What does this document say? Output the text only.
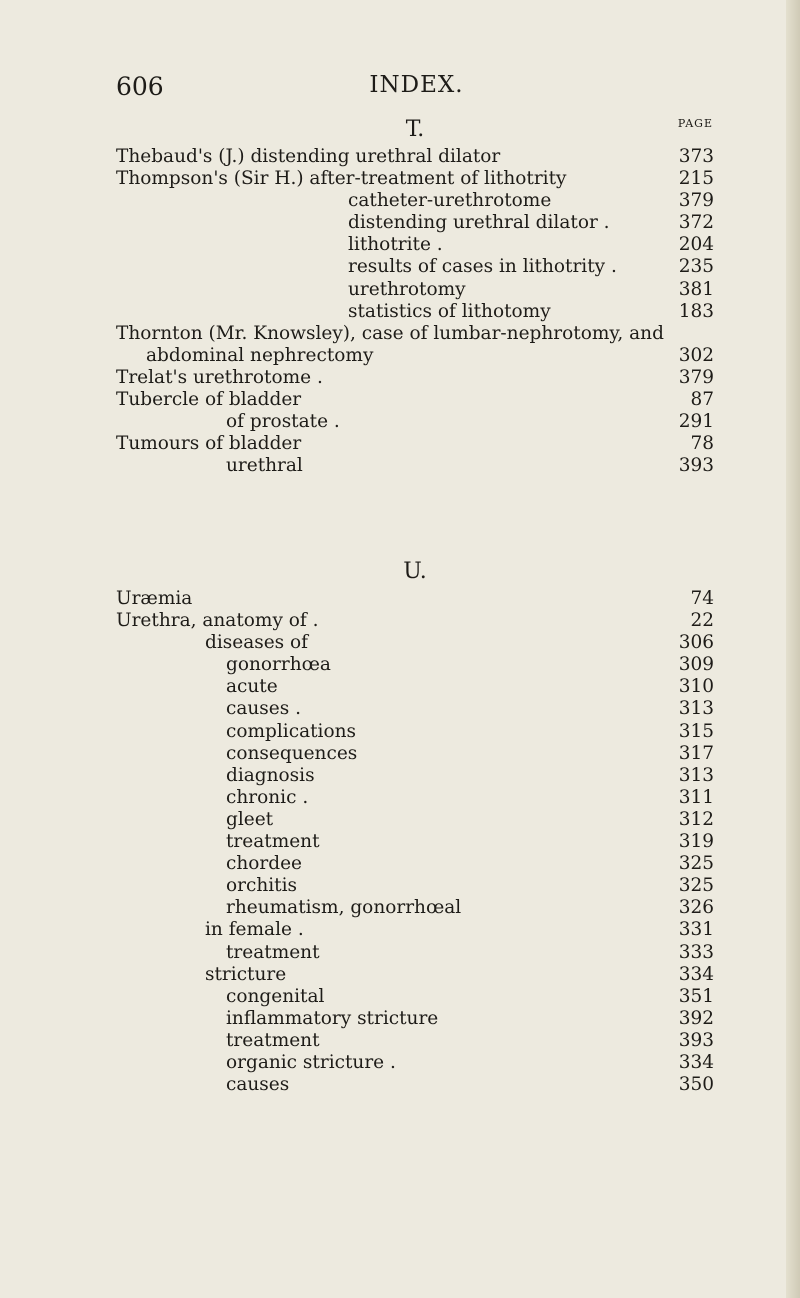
606	INDEX.
PAGE
T.
Thebaud's (J.) distending urethral dilator	373
Thompson's (Sir H.) after-treatment of lithotrity	215
catheter-urethrotome	379
distending urethral dilator .	372
lithotrite .	204
results of cases in lithotrity .	235
urethrotomy	381
statistics of lithotomy	183
Thornton (Mr. Knowsley), case of lumbar-nephrotomy, and
abdominal nephrectomy	302
Trelat's urethrotome .	379
Tubercle of bladder	87
of prostate .	291
Tumours of bladder	78
urethral	393
U.
Uræmia	74
Urethra, anatomy of .	22
diseases of	306
gonorrhœa	309
acute	310
causes .	313
complications	315
consequences	317
diagnosis	313
chronic .	311
gleet	312
treatment	319
chordee	325
orchitis	325
rheumatism, gonorrhœal	326
in female .	331
treatment	333
stricture	334
congenital	351
inflammatory stricture	392
treatment	393
organic stricture .	334
causes	350
